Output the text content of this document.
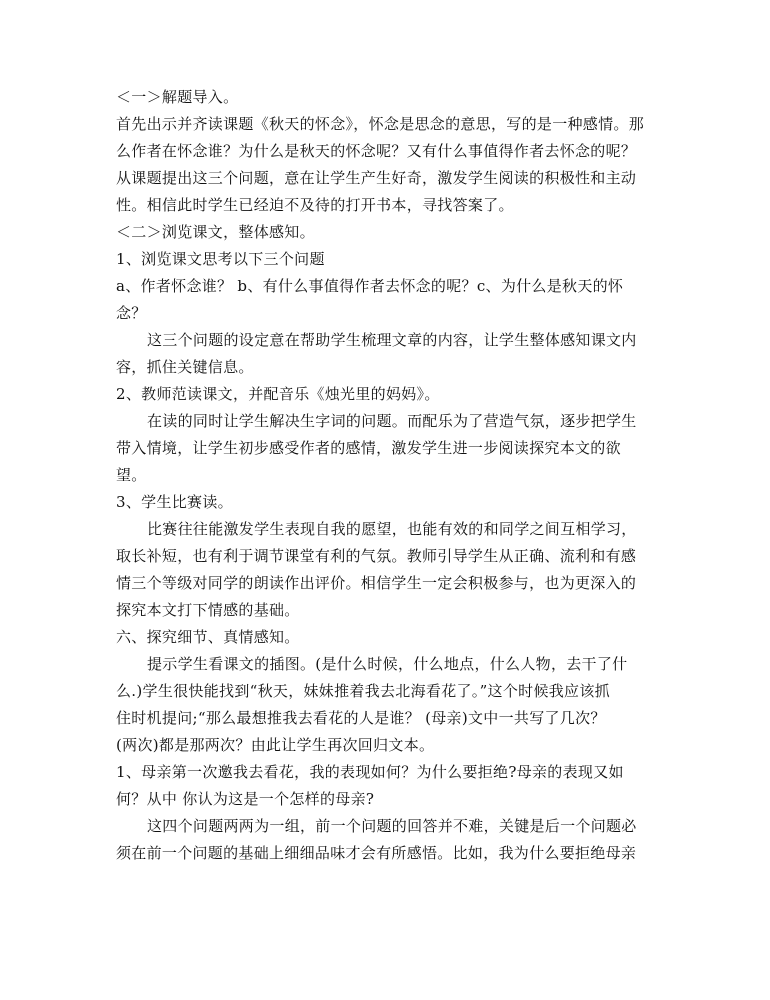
＜一＞解题导入。
首先出示并齐读课题《秋天的怀念》，怀念是思念的意思，写的是一种感情。那
么作者在怀念谁？为什么是秋天的怀念呢？又有什么事值得作者去怀念的呢？
从课题提出这三个问题，意在让学生产生好奇，激发学生阅读的积极性和主动
性。相信此时学生已经迫不及待的打开书本，寻找答案了。
＜二＞浏览课文，整体感知。
1、浏览课文思考以下三个问题
a、作者怀念谁？ b、有什么事值得作者去怀念的呢？c、为什么是秋天的怀
念？
这三个问题的设定意在帮助学生梳理文章的内容，让学生整体感知课文内
容，抓住关键信息。
2、教师范读课文，并配音乐《烛光里的妈妈》。
在读的同时让学生解决生字词的问题。而配乐为了营造气氛，逐步把学生
带入情境，让学生初步感受作者的感情，激发学生进一步阅读探究本文的欲
望。
3、学生比赛读。
比赛往往能激发学生表现自我的愿望，也能有效的和同学之间互相学习，
取长补短，也有利于调节课堂有利的气氛。教师引导学生从正确、流利和有感
情三个等级对同学的朗读作出评价。相信学生一定会积极参与，也为更深入的
探究本文打下情感的基础。
六、探究细节、真情感知。
提示学生看课文的插图。(是什么时候，什么地点，什么人物，去干了什
么.)学生很快能找到“秋天，妹妹推着我去北海看花了。”这个时候我应该抓
住时机提问;“那么最想推我去看花的人是谁？ (母亲)文中一共写了几次？
(两次)都是那两次？由此让学生再次回归文本。
1、母亲第一次邀我去看花，我的表现如何？为什么要拒绝?母亲的表现又如
何？从中 你认为这是一个怎样的母亲?
这四个问题两两为一组，前一个问题的回答并不难，关键是后一个问题必
须在前一个问题的基础上细细品味才会有所感悟。比如，我为什么要拒绝母亲
